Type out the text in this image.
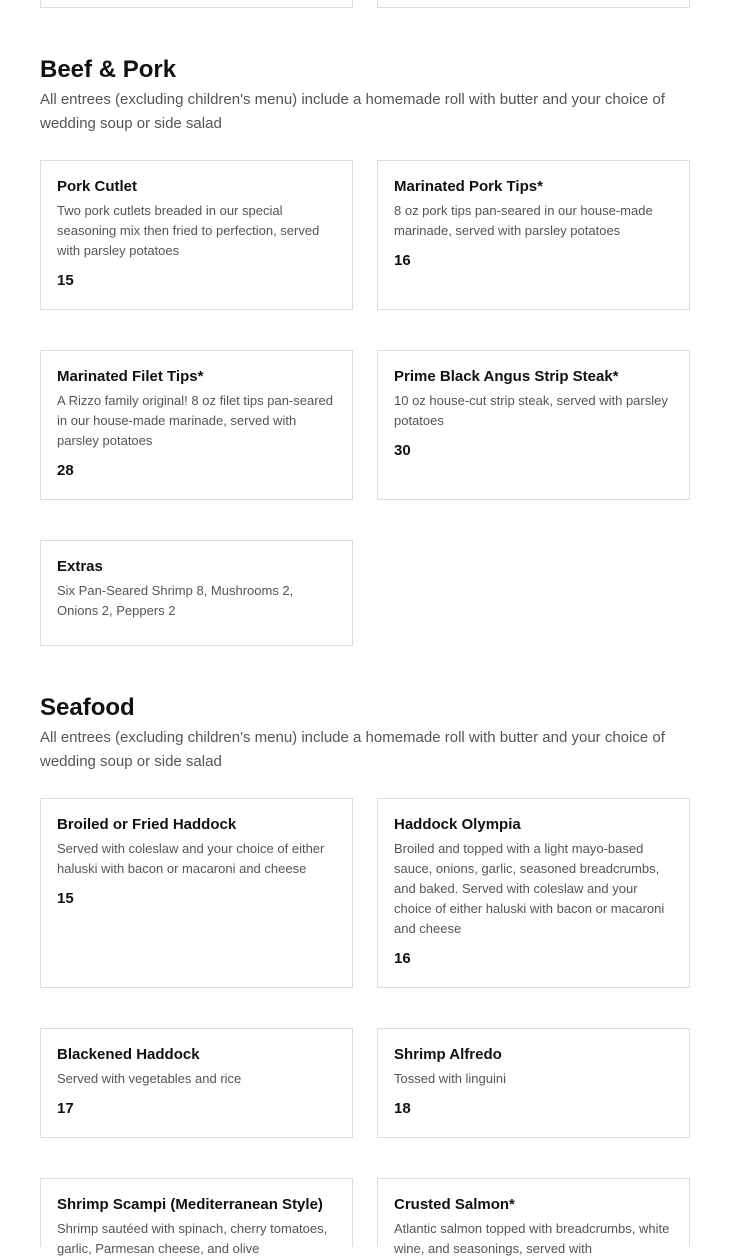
Beef & Pork

All entrees (excluding children's menu) include a homemade roll with butter and your choice of wedding soup or side salad

Pork Cutlet

Two pork cutlets breaded in our special seasoning mix then fried to perfection, served with parsley potatoes

15
Marinated Pork Tips*

8 oz pork tips pan-seared in our house-made marinade, served with parsley potatoes

16
Marinated Filet Tips*

A Rizzo family original! 8 oz filet tips pan-seared in our house-made marinade, served with parsley potatoes

28
Prime Black Angus Strip Steak*

10 oz house-cut strip steak, served with parsley potatoes

30
Extras

Six Pan-Seared Shrimp 8, Mushrooms 2, Onions 2, Peppers 2

Seafood

All entrees (excluding children's menu) include a homemade roll with butter and your choice of wedding soup or side salad

Broiled or Fried Haddock

Served with coleslaw and your choice of either haluski with bacon or macaroni and cheese

15
Haddock Olympia

Broiled and topped with a light mayo-based sauce, onions, garlic, seasoned breadcrumbs, and baked. Served with coleslaw and your choice of either haluski with bacon or macaroni and cheese

16
Blackened Haddock

Served with vegetables and rice

17
Shrimp Alfredo

Tossed with linguini

18
Shrimp Scampi (Mediterranean Style)

Shrimp sautéed with spinach, cherry tomatoes, garlic, Parmesan cheese, and olive

Crusted Salmon*

Atlantic salmon topped with breadcrumbs, white wine, and seasonings, served with
